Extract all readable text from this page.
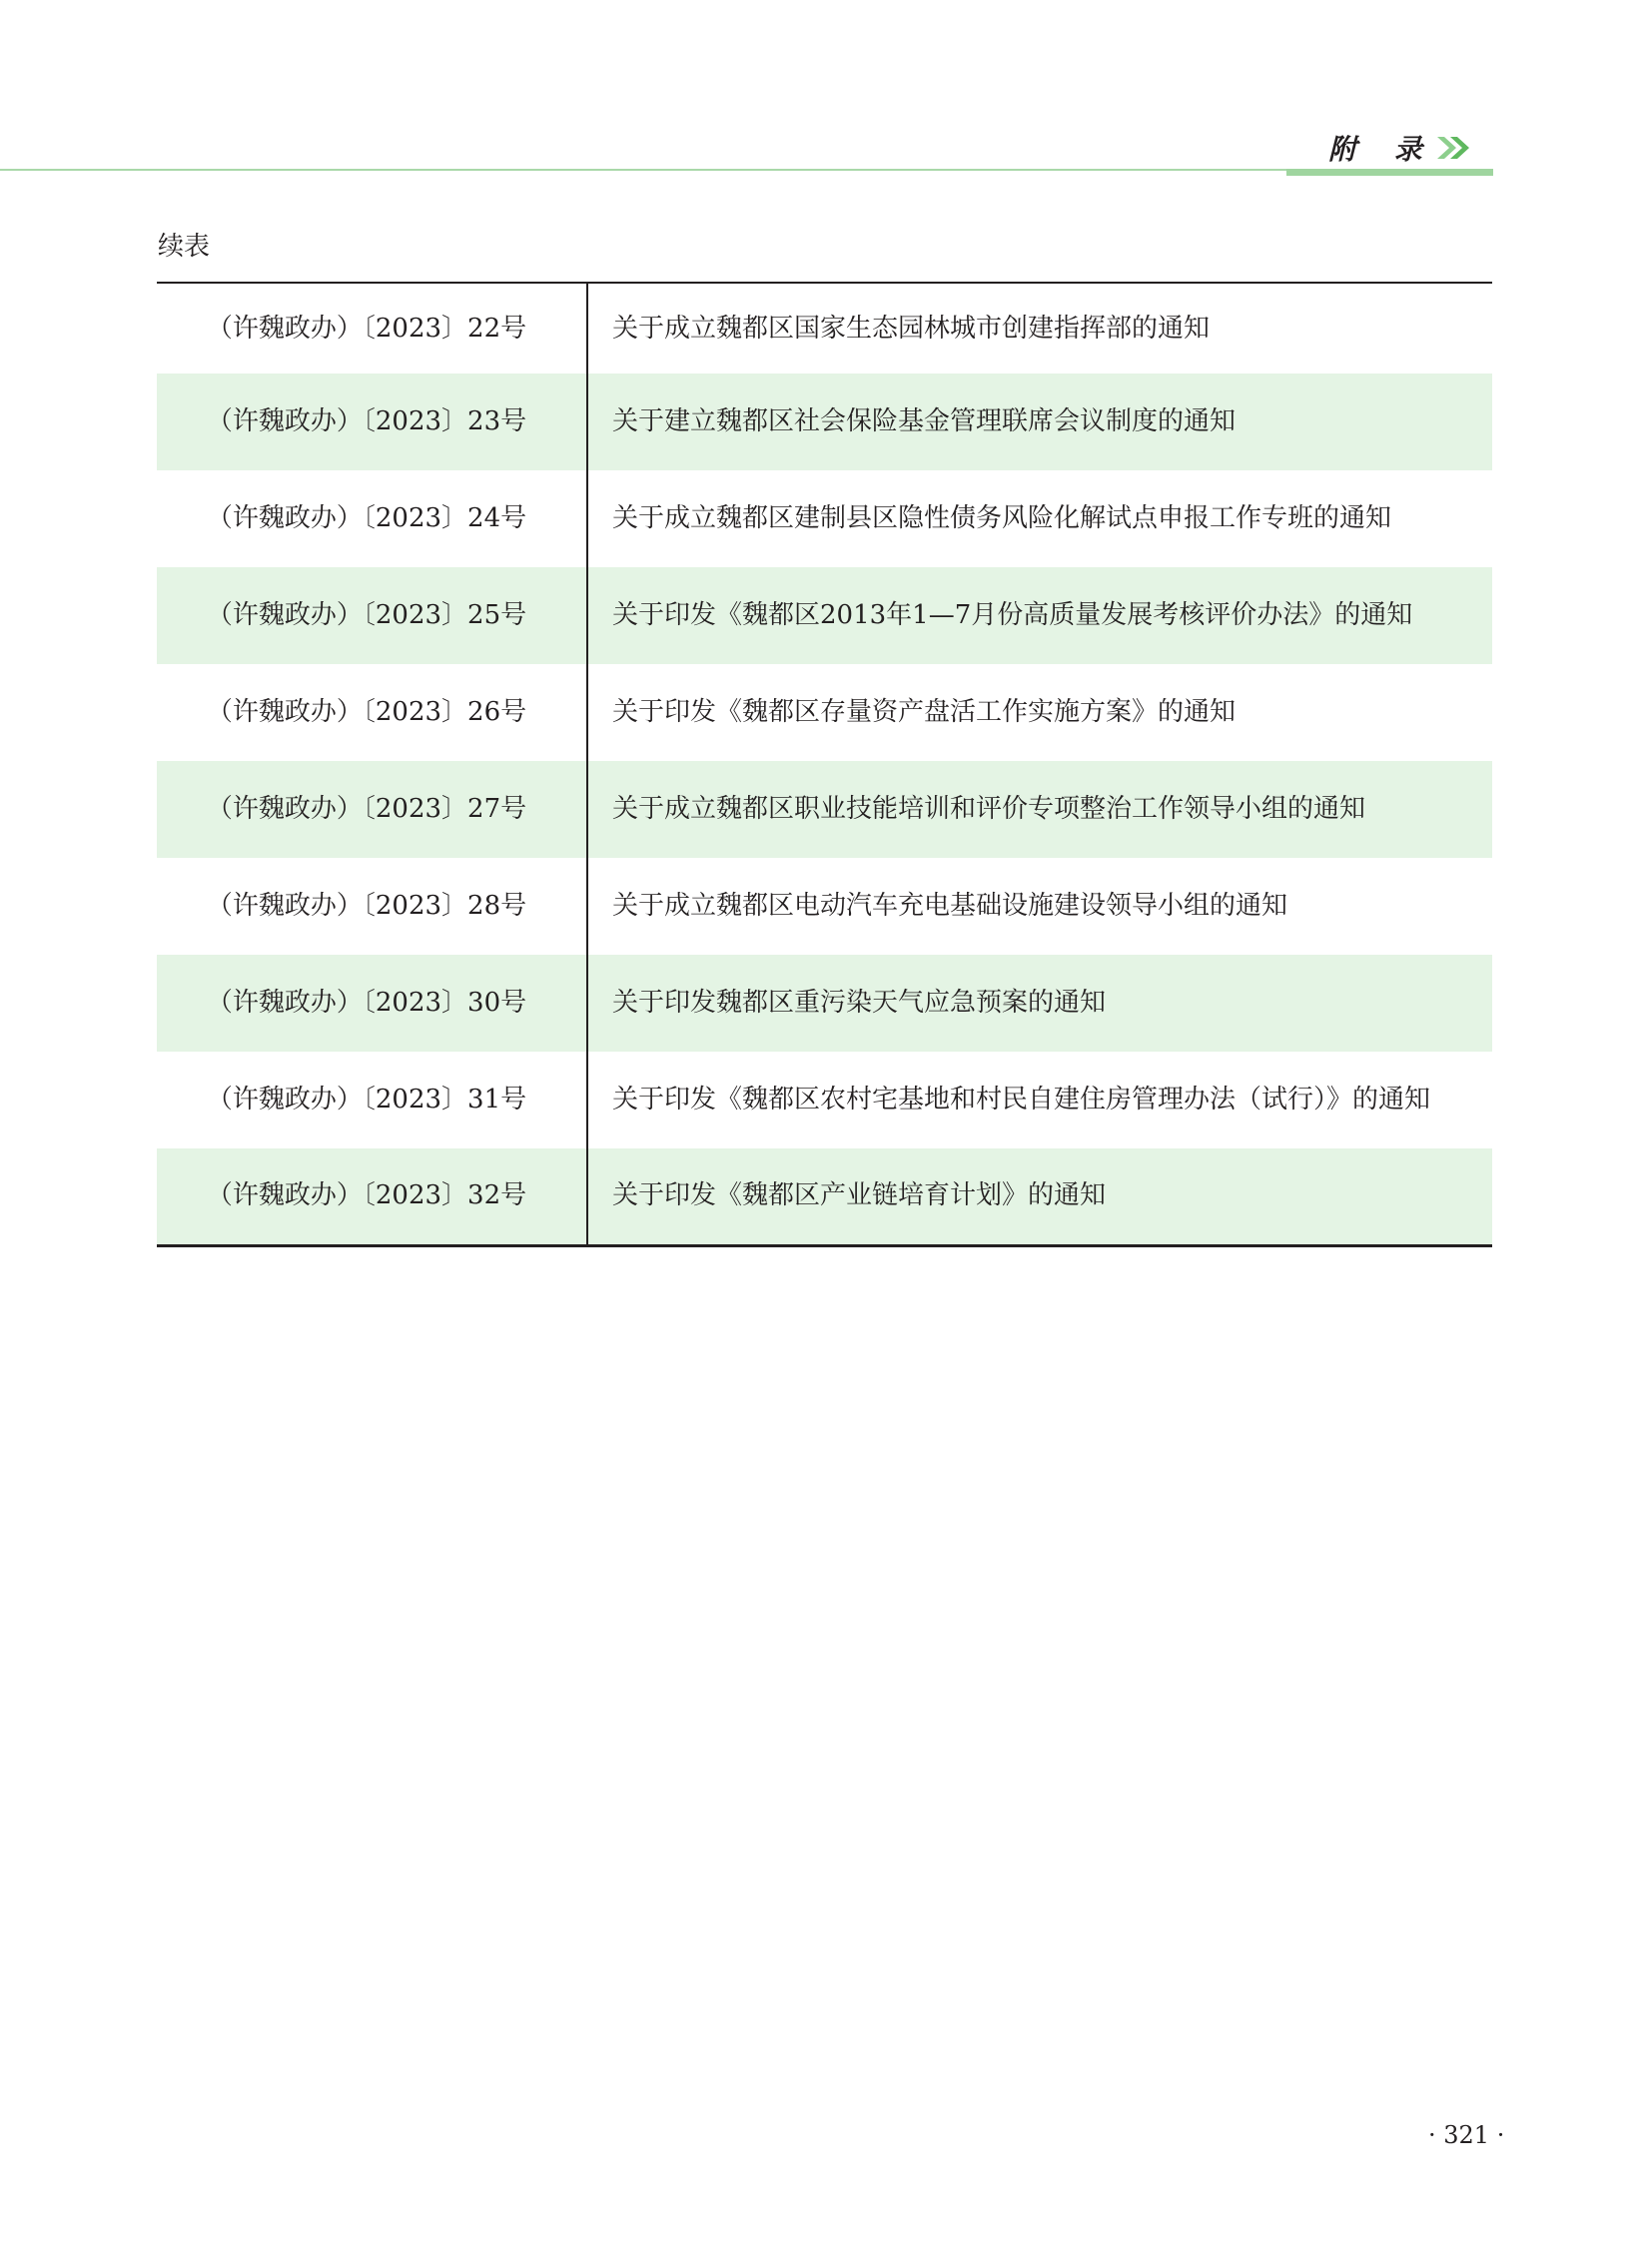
附 录
续表
（许魏政办）〔2023〕22号	关于成立魏都区国家生态园林城市创建指挥部的通知
（许魏政办）〔2023〕23号	关于建立魏都区社会保险基金管理联席会议制度的通知
（许魏政办）〔2023〕24号	关于成立魏都区建制县区隐性债务风险化解试点申报工作专班的通知
（许魏政办）〔2023〕25号	关于印发《魏都区2013年1—7月份高质量发展考核评价办法》的通知
（许魏政办）〔2023〕26号	关于印发《魏都区存量资产盘活工作实施方案》的通知
（许魏政办）〔2023〕27号	关于成立魏都区职业技能培训和评价专项整治工作领导小组的通知
（许魏政办）〔2023〕28号	关于成立魏都区电动汽车充电基础设施建设领导小组的通知
（许魏政办）〔2023〕30号	关于印发魏都区重污染天气应急预案的通知
（许魏政办）〔2023〕31号	关于印发《魏都区农村宅基地和村民自建住房管理办法（试行）》的通知
（许魏政办）〔2023〕32号	关于印发《魏都区产业链培育计划》的通知
· 321 ·
